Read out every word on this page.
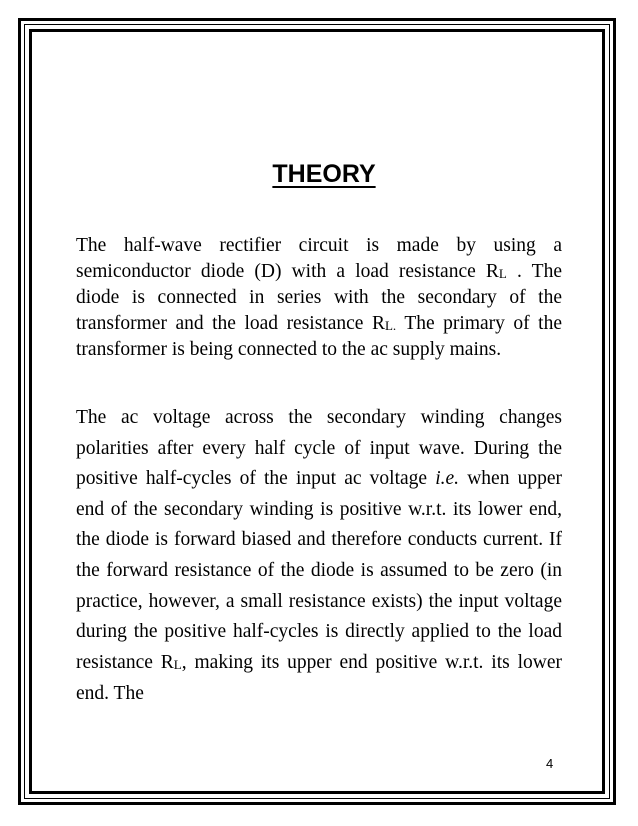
THEORY

The half-wave rectifier circuit is made by using a semiconductor diode (D) with a load resistance RL . The diode is connected in series with the secondary of the transformer and the load resistance RL. The primary of the transformer is being connected to the ac supply mains.

The ac voltage across the secondary winding changes polarities after every half cycle of input wave. During the positive half-cycles of the input ac voltage i.e. when upper end of the secondary winding is positive w.r.t. its lower end, the diode is forward biased and therefore conducts current. If the forward resistance of the diode is assumed to be zero (in practice, however, a small resistance exists) the input voltage during the positive half-cycles is directly applied to the load resistance RL, making its upper end positive w.r.t. its lower end. The

4
